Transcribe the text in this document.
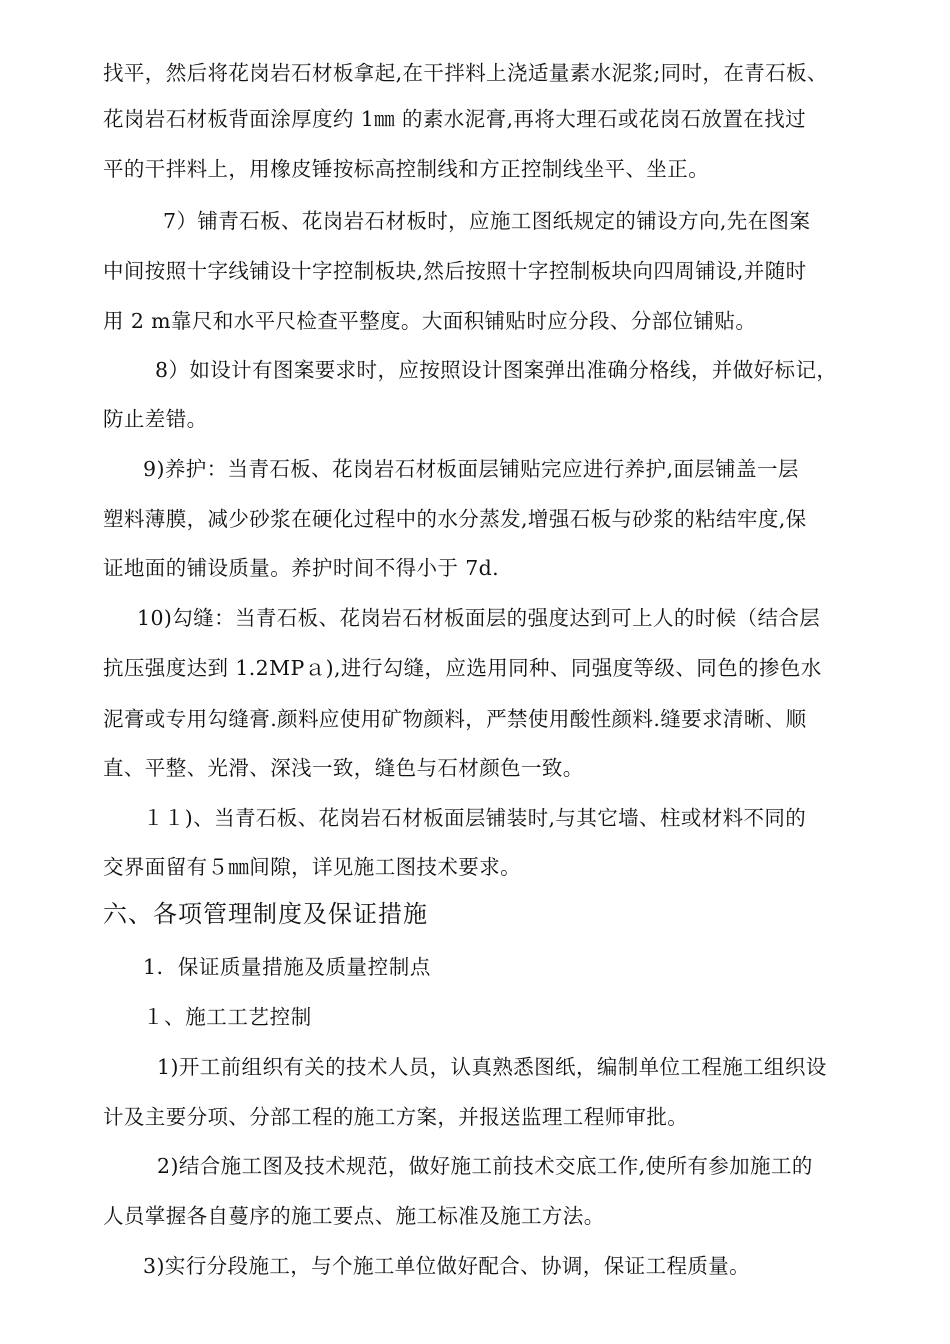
找平，然后将花岗岩石材板拿起,在干拌料上浇适量素水泥浆;同时，在青石板、
花岗岩石材板背面涂厚度约 1㎜ 的素水泥膏,再将大理石或花岗石放置在找过
平的干拌料上，用橡皮锤按标高控制线和方正控制线坐平、坐正。
7）铺青石板、花岗岩石材板时，应施工图纸规定的铺设方向,先在图案
中间按照十字线铺设十字控制板块,然后按照十字控制板块向四周铺设,并随时
用 2 m靠尺和水平尺检查平整度。大面积铺贴时应分段、分部位铺贴。
8）如设计有图案要求时，应按照设计图案弹出准确分格线，并做好标记，
防止差错。
9)养护：当青石板、花岗岩石材板面层铺贴完应进行养护,面层铺盖一层
塑料薄膜，减少砂浆在硬化过程中的水分蒸发,增强石板与砂浆的粘结牢度,保
证地面的铺设质量。养护时间不得小于 7d.
10)勾缝：当青石板、花岗岩石材板面层的强度达到可上人的时候（结合层
抗压强度达到 1.2MPａ),进行勾缝，应选用同种、同强度等级、同色的掺色水
泥膏或专用勾缝膏.颜料应使用矿物颜料，严禁使用酸性颜料.缝要求清晰、顺
直、平整、光滑、深浅一致，缝色与石材颜色一致。
１１)、当青石板、花岗岩石材板面层铺装时,与其它墙、柱或材料不同的
交界面留有５㎜间隙，详见施工图技术要求。
六、各项管理制度及保证措施
1．保证质量措施及质量控制点
１、施工工艺控制
1)开工前组织有关的技术人员，认真熟悉图纸，编制单位工程施工组织设
计及主要分项、分部工程的施工方案，并报送监理工程师审批。
2)结合施工图及技术规范，做好施工前技术交底工作,使所有参加施工的
人员掌握各自蔓序的施工要点、施工标准及施工方法。
3)实行分段施工，与个施工单位做好配合、协调，保证工程质量。
